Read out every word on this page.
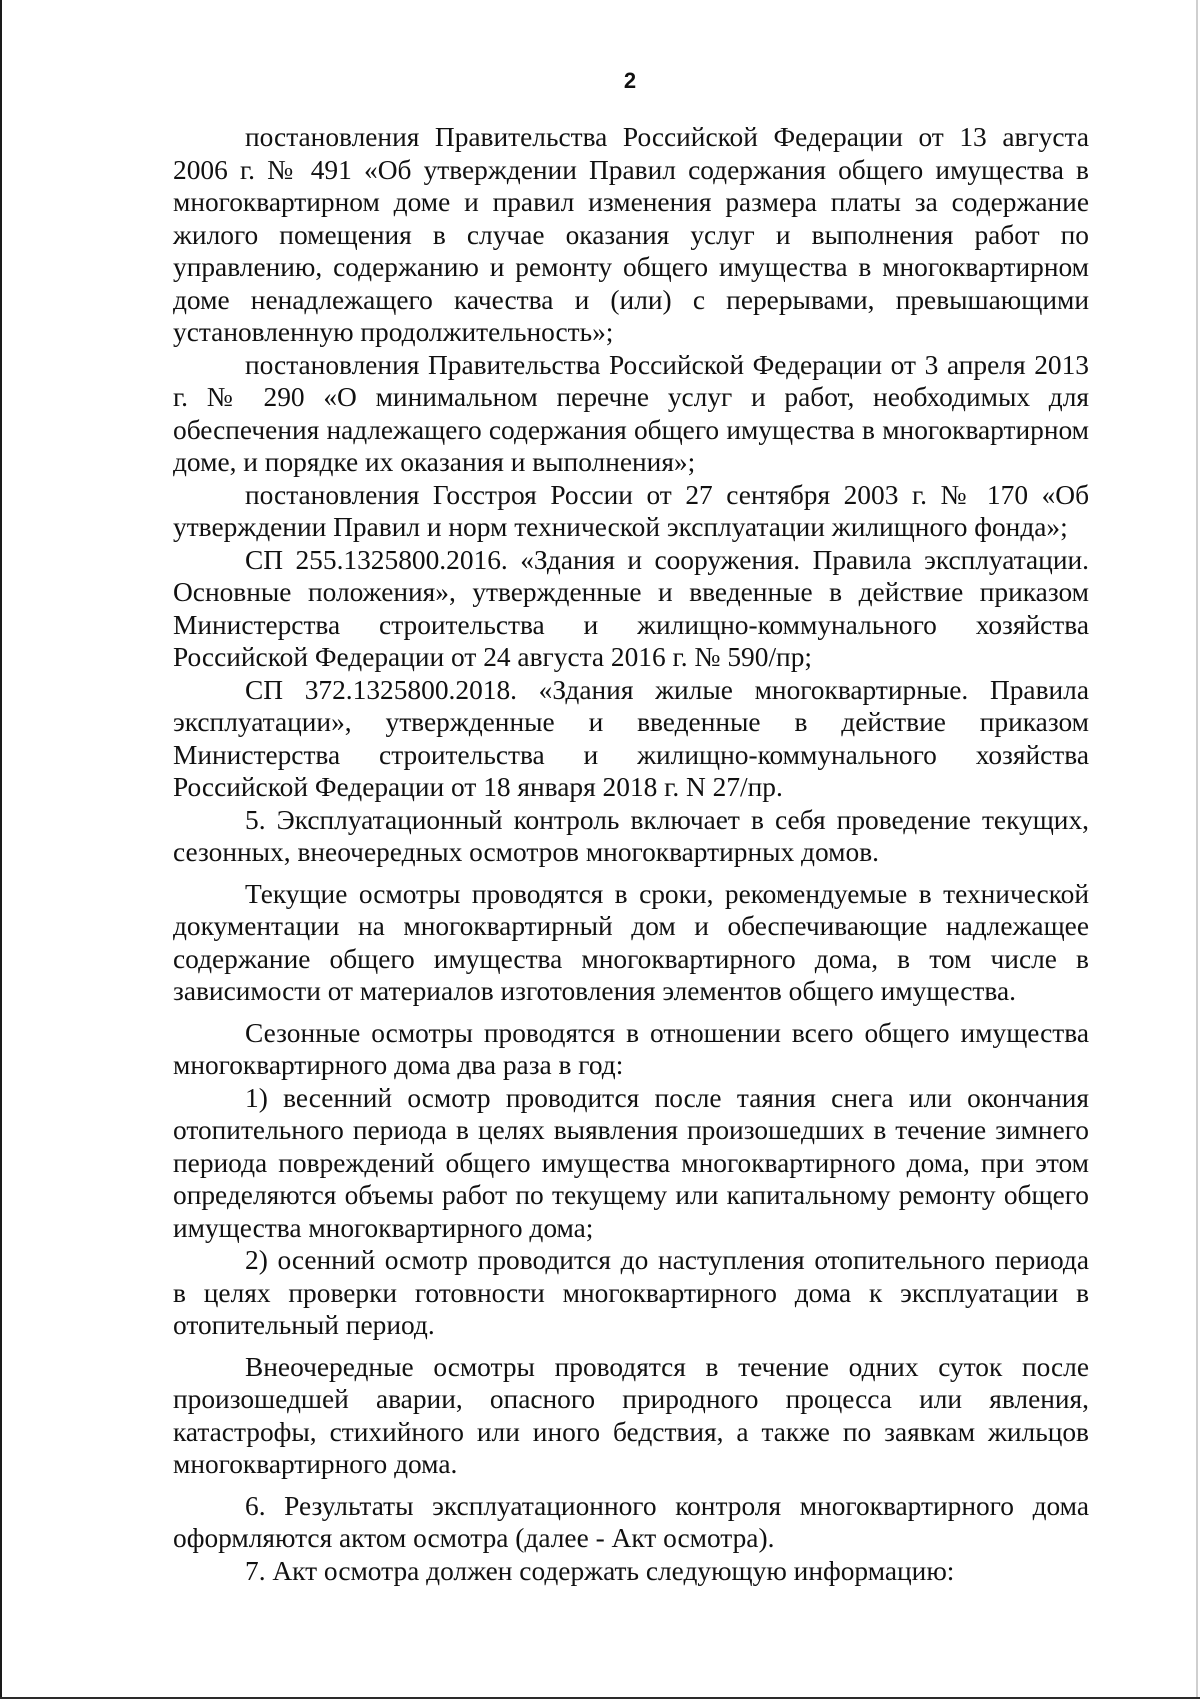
2

постановления Правительства Российской Федерации от 13 августа 2006 г. № 491 «Об утверждении Правил содержания общего имущества в многоквартирном доме и правил изменения размера платы за содержание жилого помещения в случае оказания услуг и выполнения работ по управлению, содержанию и ремонту общего имущества в многоквартирном доме ненадлежащего качества и (или) с перерывами, превышающими установленную продолжительность»;

постановления Правительства Российской Федерации от 3 апреля 2013 г. № 290 «О минимальном перечне услуг и работ, необходимых для обеспечения надлежащего содержания общего имущества в многоквартирном доме, и порядке их оказания и выполнения»;

постановления Госстроя России от 27 сентября 2003 г. № 170 «Об утверждении Правил и норм технической эксплуатации жилищного фонда»;

СП 255.1325800.2016. «Здания и сооружения. Правила эксплуатации. Основные положения», утвержденные и введенные в действие приказом Министерства строительства и жилищно-коммунального хозяйства Российской Федерации от 24 августа 2016 г. № 590/пр;

СП 372.1325800.2018. «Здания жилые многоквартирные. Правила эксплуатации», утвержденные и введенные в действие приказом Министерства строительства и жилищно-коммунального хозяйства Российской Федерации от 18 января 2018 г. N 27/пр.

5. Эксплуатационный контроль включает в себя проведение текущих, сезонных, внеочередных осмотров многоквартирных домов.

Текущие осмотры проводятся в сроки, рекомендуемые в технической документации на многоквартирный дом и обеспечивающие надлежащее содержание общего имущества многоквартирного дома, в том числе в зависимости от материалов изготовления элементов общего имущества.

Сезонные осмотры проводятся в отношении всего общего имущества многоквартирного дома два раза в год:

1) весенний осмотр проводится после таяния снега или окончания отопительного периода в целях выявления произошедших в течение зимнего периода повреждений общего имущества многоквартирного дома, при этом определяются объемы работ по текущему или капитальному ремонту общего имущества многоквартирного дома;

2) осенний осмотр проводится до наступления отопительного периода в целях проверки готовности многоквартирного дома к эксплуатации в отопительный период.

Внеочередные осмотры проводятся в течение одних суток после произошедшей аварии, опасного природного процесса или явления, катастрофы, стихийного или иного бедствия, а также по заявкам жильцов многоквартирного дома.

6. Результаты эксплуатационного контроля многоквартирного дома оформляются актом осмотра (далее - Акт осмотра).

7. Акт осмотра должен содержать следующую информацию:
